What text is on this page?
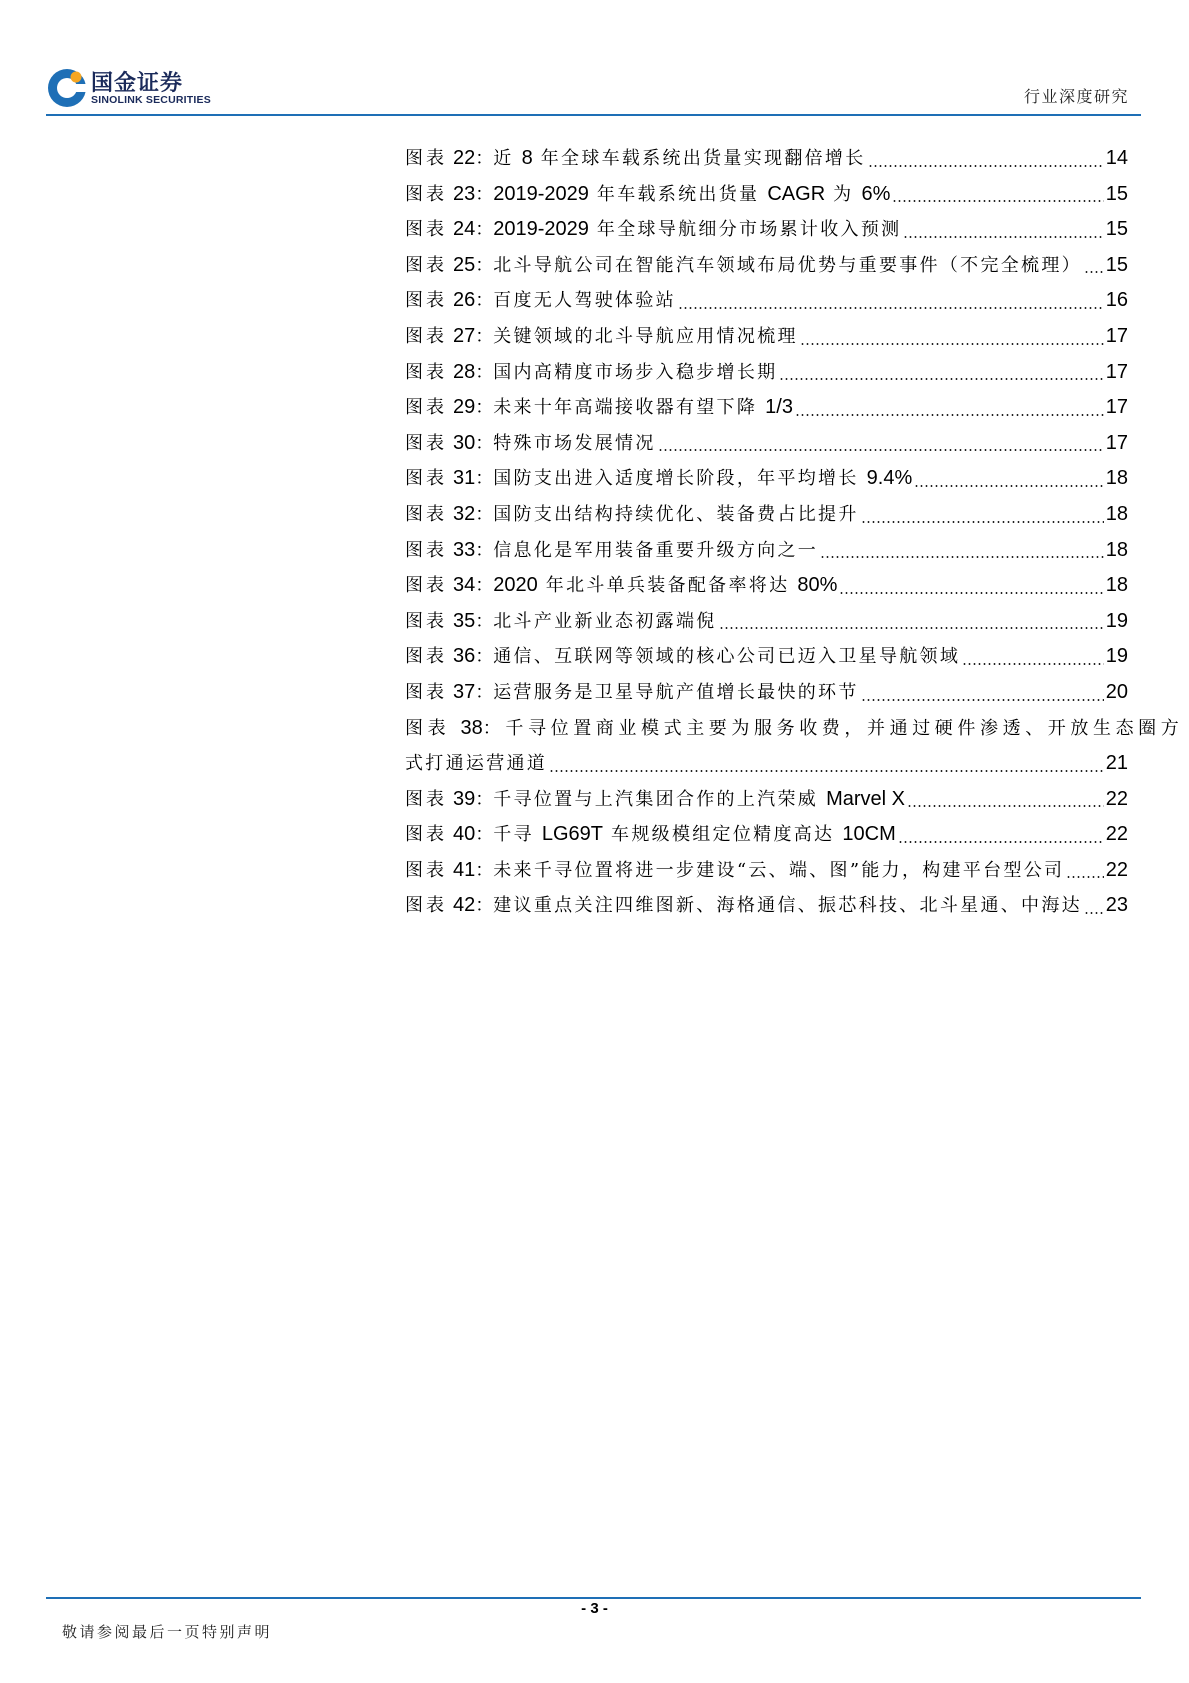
国金证券
SINOLINK SECURITIES	行业深度研究
图表 22 ： 近 8 年全球车载系统出货量实现翻倍增长	14
图表 23 ： 2019-2029 年车载系统出货量 CAGR 为 6%	15
图表 24 ： 2019-2029 年全球导航细分市场累计收入预测	15
图表 25 ： 北斗导航公司在智能汽车领域布局优势与重要事件（不完全梳理） 15
图表 26 ： 百度无人驾驶体验站	16
图表 27 ： 关键领域的北斗导航应用情况梳理	17
图表 28 ： 国内高精度市场步入稳步增长期	17
图表 29 ： 未来十年高端接收器有望下降 1/3	17
图表 30 ： 特殊市场发展情况	17
图表 31 ： 国防支出进入适度增长阶段，年平均增长 9.4%	18
图表 32 ： 国防支出结构持续优化、装备费占比提升	18
图表 33 ： 信息化是军用装备重要升级方向之一	18
图表 34 ： 2020 年北斗单兵装备配备率将达 80%	18
图表 35 ： 北斗产业新业态初露端倪	19
图表 36 ： 通信、互联网等领域的核心公司已迈入卫星导航领域	19
图表 37 ： 运营服务是卫星导航产值增长最快的环节	20
图表 38：千寻位置商业模式主要为服务收费，并通过硬件渗透、开放生态圈方
式打通运营通道	21
图表 39 ： 千寻位置与上汽集团合作的上汽荣威 Marvel X	22
图表 40 ： 千寻 LG69T 车规级模组定位精度高达 10CM	22
图表 41 ： 未来千寻位置将进一步建设“云、端、图”能力，构建平台型公司 22
图表 42 ： 建议重点关注四维图新、海格通信、振芯科技、北斗星通、中海达 23
- 3 -
敬请参阅最后一页特别声明
